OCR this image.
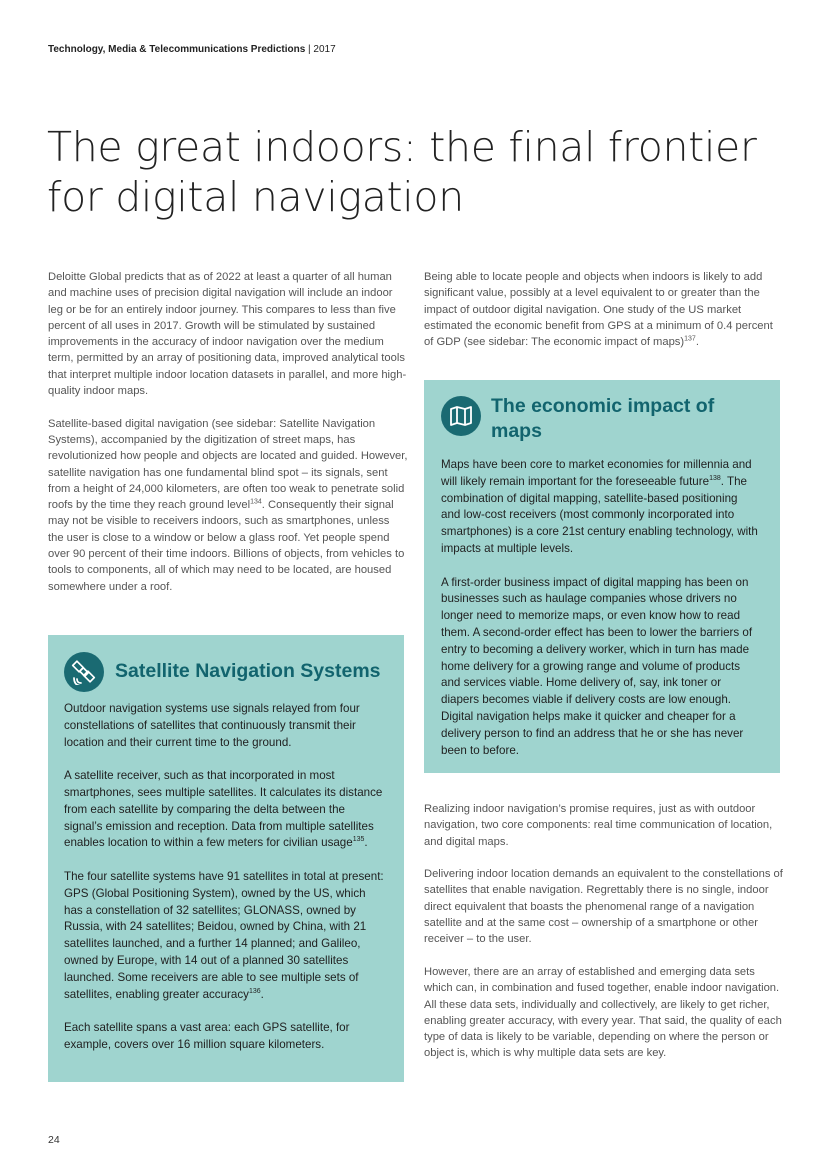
Technology, Media & Telecommunications Predictions | 2017
The great indoors: the final frontier for digital navigation

Deloitte Global predicts that as of 2022 at least a quarter of all human and machine uses of precision digital navigation will include an indoor leg or be for an entirely indoor journey. This compares to less than five percent of all uses in 2017. Growth will be stimulated by sustained improvements in the accuracy of indoor navigation over the medium term, permitted by an array of positioning data, improved analytical tools that interpret multiple indoor location datasets in parallel, and more high-quality indoor maps.

Satellite-based digital navigation (see sidebar: Satellite Navigation Systems), accompanied by the digitization of street maps, has revolutionized how people and objects are located and guided. However, satellite navigation has one fundamental blind spot – its signals, sent from a height of 24,000 kilometers, are often too weak to penetrate solid roofs by the time they reach ground level$^{134}$. Consequently their signal may not be visible to receivers indoors, such as smartphones, unless the user is close to a window or below a glass roof. Yet people spend over 90 percent of their time indoors. Billions of objects, from vehicles to tools to components, all of which may need to be located, are housed somewhere under a roof.

Being able to locate people and objects when indoors is likely to add significant value, possibly at a level equivalent to or greater than the impact of outdoor digital navigation. One study of the US market estimated the economic benefit from GPS at a minimum of 0.4 percent of GDP (see sidebar: The economic impact of maps)$^{137}$.

The economic impact of maps

Maps have been core to market economies for millennia and will likely remain important for the foreseeable future$^{138}$. The combination of digital mapping, satellite-based positioning and low-cost receivers (most commonly incorporated into smartphones) is a core 21st century enabling technology, with impacts at multiple levels.

A first-order business impact of digital mapping has been on businesses such as haulage companies whose drivers no longer need to memorize maps, or even know how to read them. A second-order effect has been to lower the barriers of entry to becoming a delivery worker, which in turn has made home delivery for a growing range and volume of products and services viable. Home delivery of, say, ink toner or diapers becomes viable if delivery costs are low enough. Digital navigation helps make it quicker and cheaper for a delivery person to find an address that he or she has never been to before.

Satellite Navigation Systems

Outdoor navigation systems use signals relayed from four constellations of satellites that continuously transmit their location and their current time to the ground.

A satellite receiver, such as that incorporated in most smartphones, sees multiple satellites. It calculates its distance from each satellite by comparing the delta between the signal’s emission and reception. Data from multiple satellites enables location to within a few meters for civilian usage$^{135}$.

The four satellite systems have 91 satellites in total at present: GPS (Global Positioning System), owned by the US, which has a constellation of 32 satellites; GLONASS, owned by Russia, with 24 satellites; Beidou, owned by China, with 21 satellites launched, and a further 14 planned; and Galileo, owned by Europe, with 14 out of a planned 30 satellites launched. Some receivers are able to see multiple sets of satellites, enabling greater accuracy$^{136}$.

Each satellite spans a vast area: each GPS satellite, for example, covers over 16 million square kilometers.

Realizing indoor navigation’s promise requires, just as with outdoor navigation, two core components: real time communication of location, and digital maps.

Delivering indoor location demands an equivalent to the constellations of satellites that enable navigation. Regrettably there is no single, indoor direct equivalent that boasts the phenomenal range of a navigation satellite and at the same cost – ownership of a smartphone or other receiver – to the user.

However, there are an array of established and emerging data sets which can, in combination and fused together, enable indoor navigation. All these data sets, individually and collectively, are likely to get richer, enabling greater accuracy, with every year. That said, the quality of each type of data is likely to be variable, depending on where the person or object is, which is why multiple data sets are key.

24
